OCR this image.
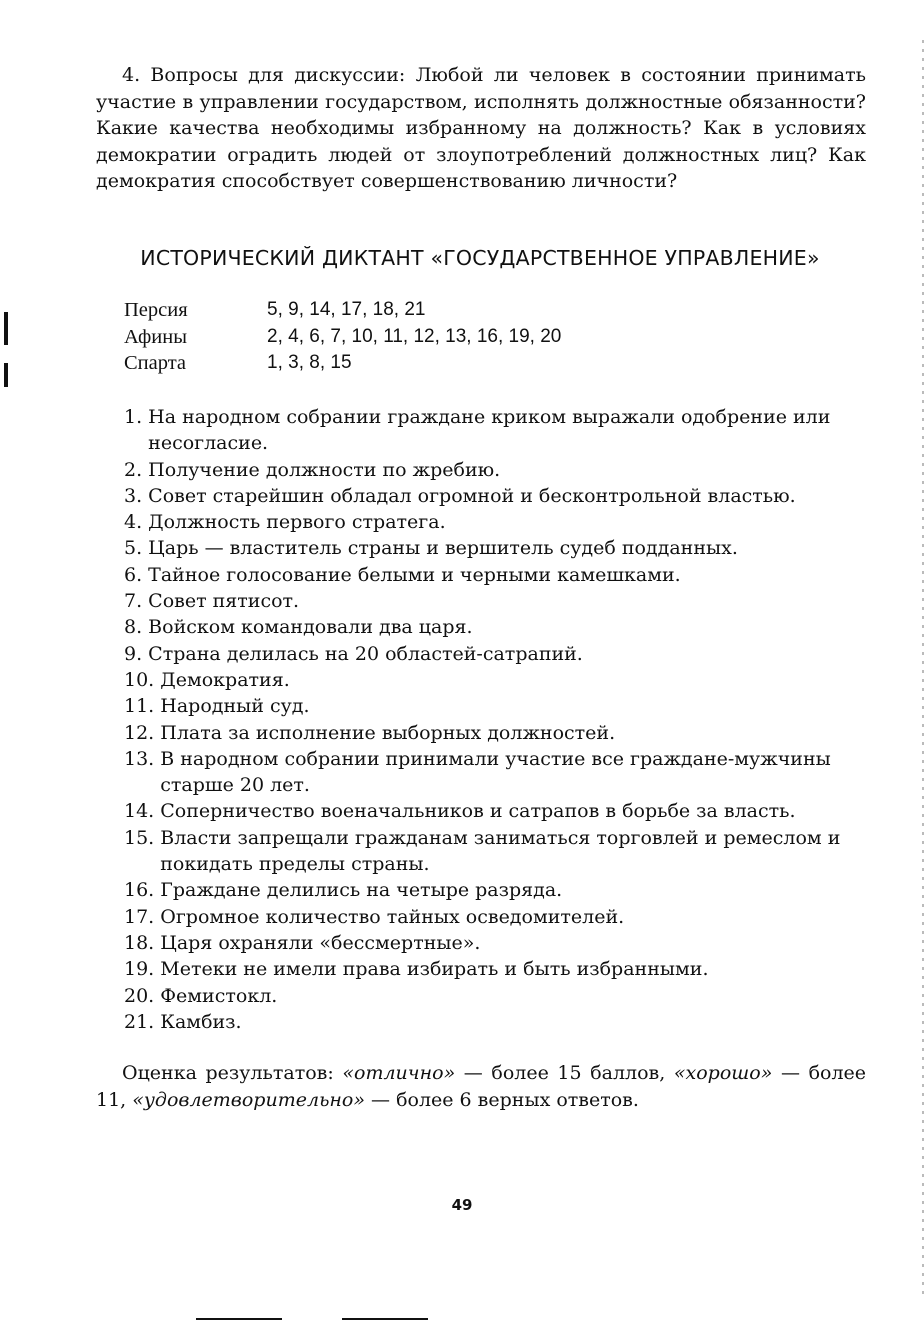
4. Вопросы для дискуссии: Любой ли человек в состоянии принимать участие в управлении государством, исполнять должностные обязанности? Какие качества необходимы избранному на должность? Как в условиях демократии оградить людей от злоупотреблений должностных лиц? Как демократия способствует совершенствованию личности?
ИСТОРИЧЕСКИЙ ДИКТАНТ «ГОСУДАРСТВЕННОЕ УПРАВЛЕНИЕ»
Персия	5, 9, 14, 17, 18, 21
Афины	2, 4, 6, 7, 10, 11, 12, 13, 16, 19, 20
Спарта	1, 3, 8, 15
1. На народном собрании граждане криком выражали одобрение или несогласие.
2. Получение должности по жребию.
3. Совет старейшин обладал огромной и бесконтрольной властью.
4. Должность первого стратега.
5. Царь — властитель страны и вершитель судеб подданных.
6. Тайное голосование белыми и черными камешками.
7. Совет пятисот.
8. Войском командовали два царя.
9. Страна делилась на 20 областей-сатрапий.
10. Демократия.
11. Народный суд.
12. Плата за исполнение выборных должностей.
13. В народном собрании принимали участие все граждане-мужчины старше 20 лет.
14. Соперничество военачальников и сатрапов в борьбе за власть.
15. Власти запрещали гражданам заниматься торговлей и ремеслом и покидать пределы страны.
16. Граждане делились на четыре разряда.
17. Огромное количество тайных осведомителей.
18. Царя охраняли «бессмертные».
19. Метеки не имели права избирать и быть избранными.
20. Фемистокл.
21. Камбиз.
Оценка результатов: «отлично» — более 15 баллов, «хорошо» — более 11, «удовлетворительно» — более 6 верных ответов.
49
